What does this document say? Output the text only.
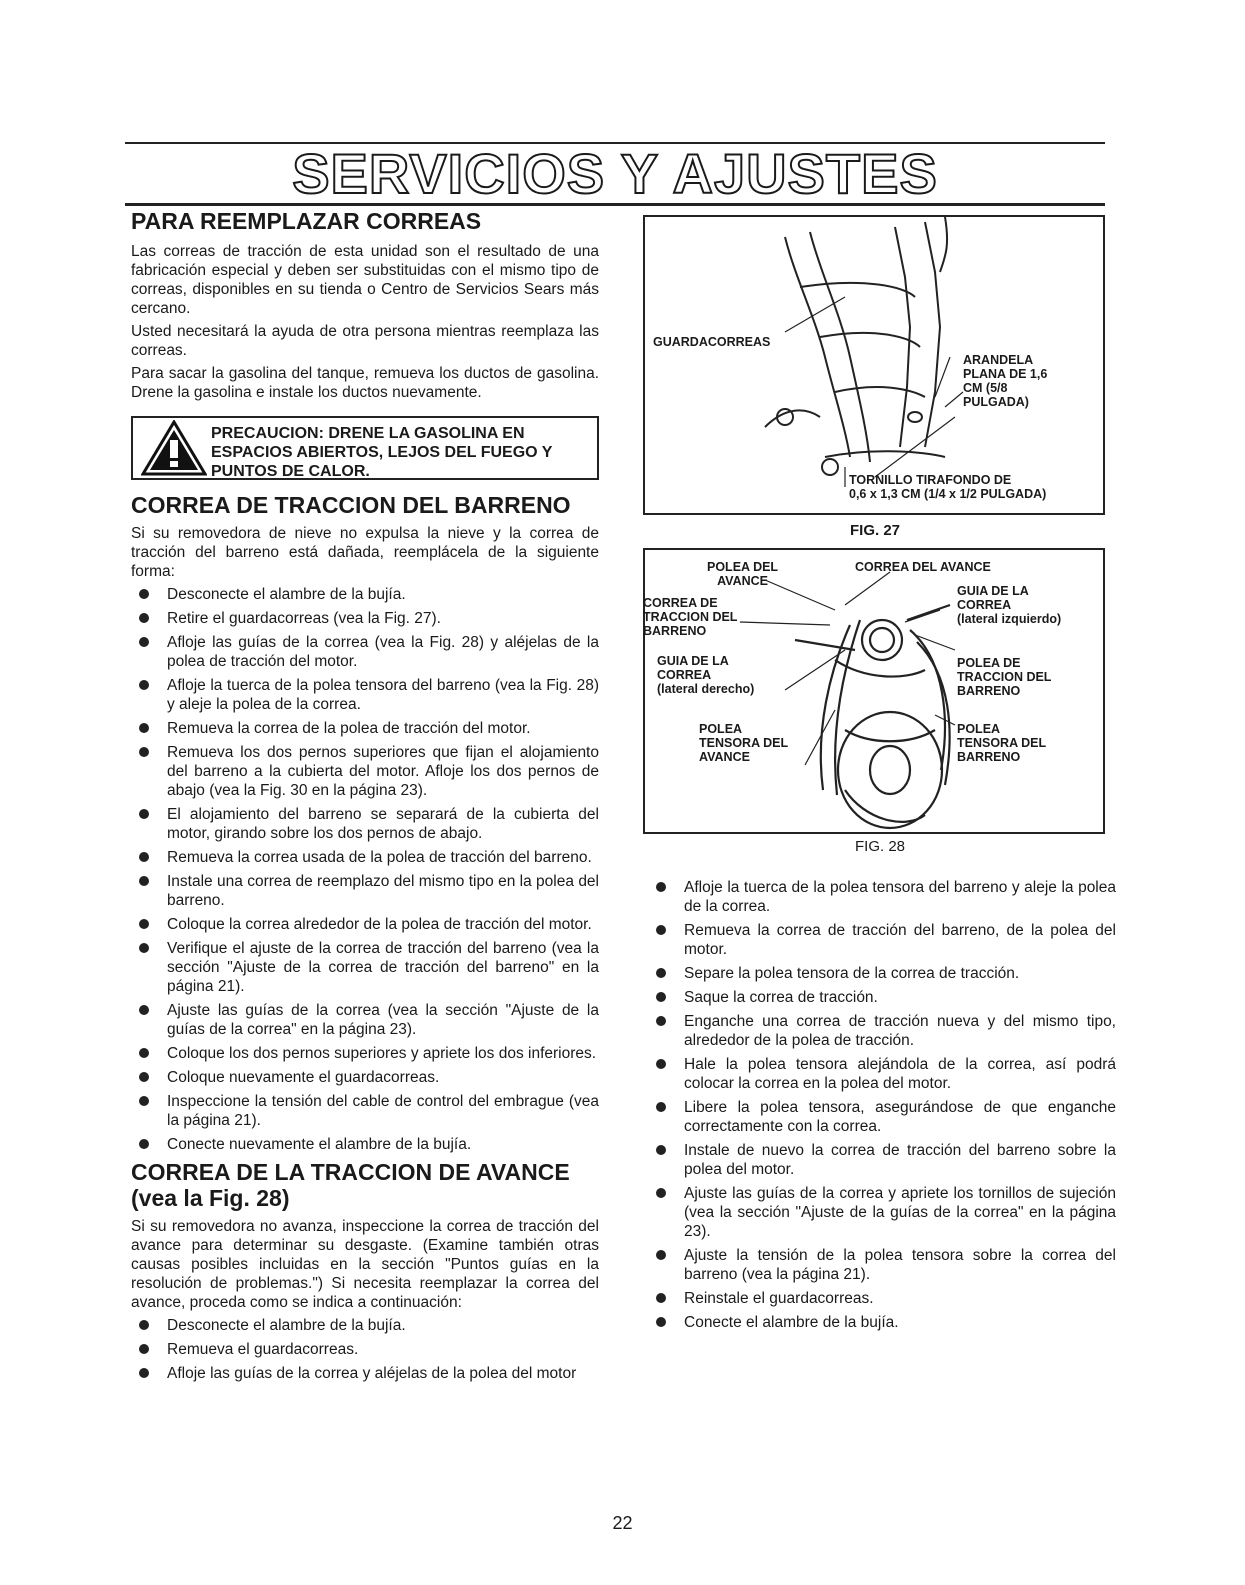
SERVICIOS Y AJUSTES
PARA REEMPLAZAR CORREAS

Las correas de tracción de esta unidad son el resultado de una fabricación especial y deben ser substituidas con el mismo tipo de correas, disponibles en su tienda o Centro de Servicios Sears más cercano.

Usted necesitará la ayuda de otra persona mientras reemplaza las correas.

Para sacar la gasolina del tanque, remueva los ductos de gasolina. Drene la gasolina e instale los ductos nuevamente.

PRECAUCION: DRENE LA GASOLINA EN ESPACIOS ABIERTOS, LEJOS DEL FUEGO Y PUNTOS DE CALOR.
CORREA DE TRACCION DEL BARRENO

Si su removedora de nieve no expulsa la nieve y la correa de tracción del barreno está dañada, reemplácela de la siguiente forma:

Desconecte el alambre de la bujía.
Retire el guardacorreas (vea la Fig. 27).
Afloje las guías de la correa (vea la Fig. 28) y aléjelas de la polea de tracción del motor.
Afloje la tuerca de la polea tensora del barreno (vea la Fig. 28) y aleje la polea de la correa.
Remueva la correa de la polea de tracción del motor.
Remueva los dos pernos superiores que fijan el alojamiento del barreno a la cubierta del motor. Afloje los dos pernos de abajo (vea la Fig. 30 en la página 23).
El alojamiento del barreno se separará de la cubierta del motor, girando sobre los dos pernos de abajo.
Remueva la correa usada de la polea de tracción del barreno.
Instale una correa de reemplazo del mismo tipo en la polea del barreno.
Coloque la correa alrededor de la polea de tracción del motor.
Verifique el ajuste de la correa de tracción del barreno (vea la sección "Ajuste de la correa de tracción del barreno" en la página 21).
Ajuste las guías de la correa (vea la sección "Ajuste de la guías de la correa" en la página 23).
Coloque los dos pernos superiores y apriete los dos inferiores.
Coloque nuevamente el guardacorreas.
Inspeccione la tensión del cable de control del embrague (vea la página 21).
Conecte nuevamente el alambre de la bujía.
CORREA DE LA TRACCION DE AVANCE
(vea la Fig. 28)

Si su removedora no avanza, inspeccione la correa de tracción del avance para determinar su desgaste. (Examine también otras causas posibles incluidas en la sección "Puntos guías en la resolución de problemas.") Si necesita reemplazar la correa del avance, proceda como se indica a continuación:

Desconecte el alambre de la bujía.
Remueva el guardacorreas.
Afloje las guías de la correa y aléjelas de la polea del motor
GUARDACORREAS
ARANDELA
PLANA DE 1,6
CM (5/8
PULGADA)
TORNILLO TIRAFONDO DE
0,6 x 1,3 CM (1/4 x 1/2 PULGADA)
FIG. 27
POLEA DEL
AVANCE
CORREA DEL AVANCE
CORREA DE
TRACCION DEL
BARRENO
GUIA DE LA
CORREA
(lateral izquierdo)
GUIA DE LA
CORREA
(lateral derecho)
POLEA DE
TRACCION DEL
BARRENO
POLEA
TENSORA DEL
AVANCE
POLEA
TENSORA DEL
BARRENO
FIG. 28
Afloje la tuerca de la polea tensora del barreno y aleje la polea de la correa.
Remueva la correa de tracción del barreno, de la polea del motor.
Separe la polea tensora de la correa de tracción.
Saque la correa de tracción.
Enganche una correa de tracción nueva y del mismo tipo, alrededor de la polea de tracción.
Hale la polea tensora alejándola de la correa, así podrá colocar la correa en la polea del motor.
Libere la polea tensora, asegurándose de que enganche correctamente con la correa.
Instale de nuevo la correa de tracción del barreno sobre la polea del motor.
Ajuste las guías de la correa y apriete los tornillos de sujeción (vea la sección "Ajuste de la guías de la correa" en la página 23).
Ajuste la tensión de la polea tensora sobre la correa del barreno (vea la página 21).
Reinstale el guardacorreas.
Conecte el alambre de la bujía.
22
